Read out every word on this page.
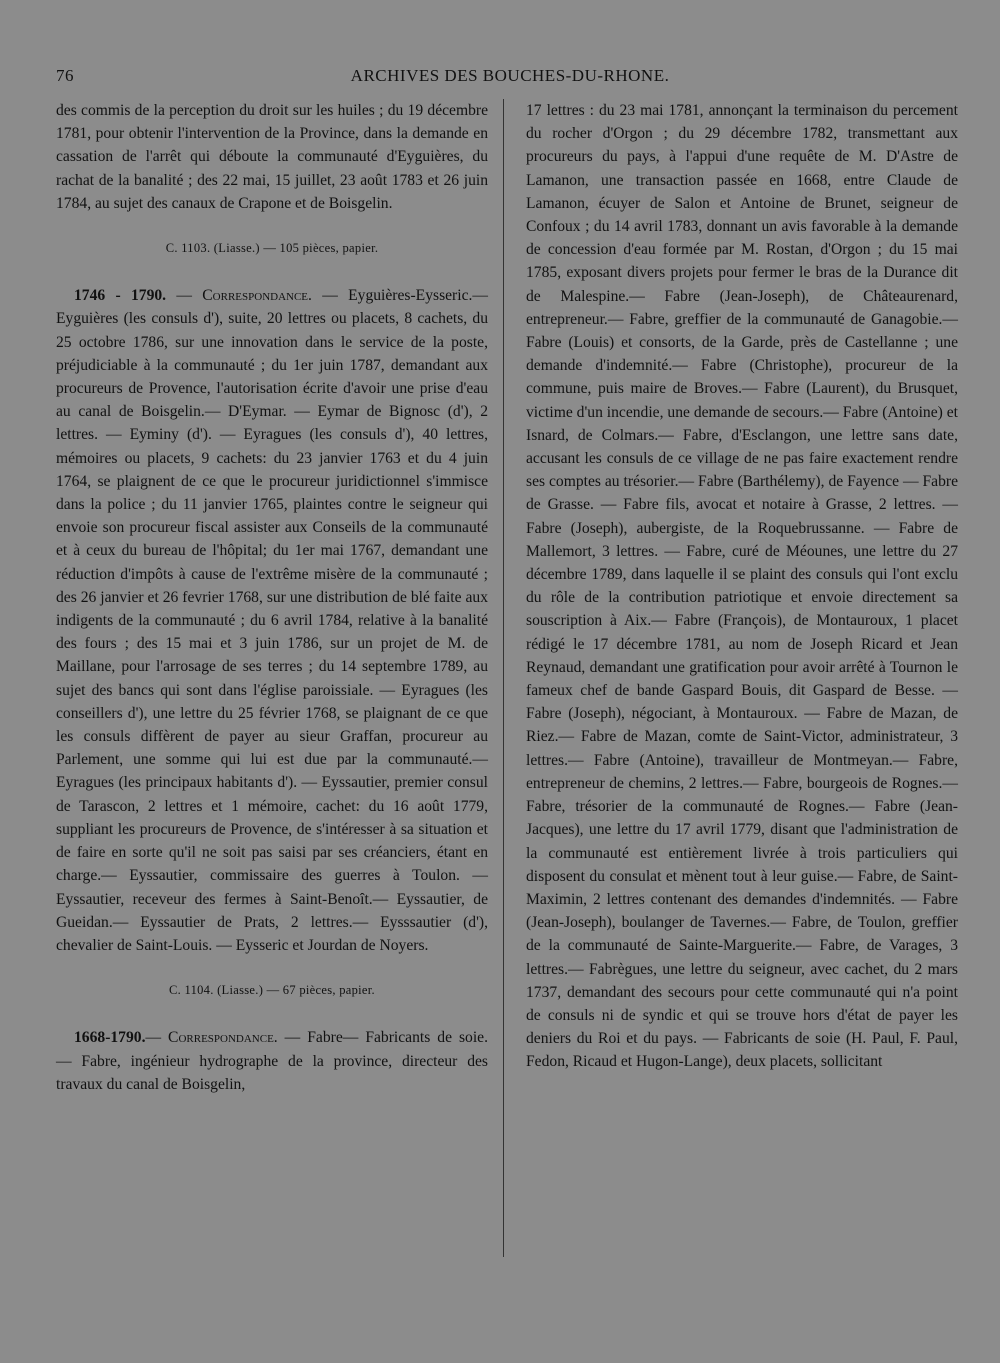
76	ARCHIVES DES BOUCHES-DU-RHONE.

des commis de la perception du droit sur les huiles ; du 19 décembre 1781, pour obtenir l'intervention de la Province, dans la demande en cassation de l'arrêt qui déboute la communauté d'Eyguières, du rachat de la banalité ; des 22 mai, 15 juillet, 23 août 1783 et 26 juin 1784, au sujet des canaux de Crapone et de Boisgelin.

C. 1103. (Liasse.) — 105 pièces, papier.

1746 - 1790. — Correspondance. — Eyguières-Eysseric.— Eyguières (les consuls d'), suite, 20 lettres ou placets, 8 cachets, du 25 octobre 1786, sur une innovation dans le service de la poste, préjudiciable à la communauté ; du 1er juin 1787, demandant aux procureurs de Provence, l'autorisation écrite d'avoir une prise d'eau au canal de Boisgelin.— D'Eymar. — Eymar de Bignosc (d'), 2 lettres. — Eyminy (d'). — Eyragues (les consuls d'), 40 lettres, mémoires ou placets, 9 cachets: du 23 janvier 1763 et du 4 juin 1764, se plaignent de ce que le procureur juridictionnel s'immisce dans la police ; du 11 janvier 1765, plaintes contre le seigneur qui envoie son procureur fiscal assister aux Conseils de la communauté et à ceux du bureau de l'hôpital; du 1er mai 1767, demandant une réduction d'impôts à cause de l'extrême misère de la communauté ; des 26 janvier et 26 fevrier 1768, sur une distribution de blé faite aux indigents de la communauté ; du 6 avril 1784, relative à la banalité des fours ; des 15 mai et 3 juin 1786, sur un projet de M. de Maillane, pour l'arrosage de ses terres ; du 14 septembre 1789, au sujet des bancs qui sont dans l'église paroissiale. — Eyragues (les conseillers d'), une lettre du 25 février 1768, se plaignant de ce que les consuls diffèrent de payer au sieur Graffan, procureur au Parlement, une somme qui lui est due par la communauté.— Eyragues (les principaux habitants d'). — Eyssautier, premier consul de Tarascon, 2 lettres et 1 mémoire, cachet: du 16 août 1779, suppliant les procureurs de Provence, de s'intéresser à sa situation et de faire en sorte qu'il ne soit pas saisi par ses créanciers, étant en charge.— Eyssautier, commissaire des guerres à Toulon. — Eyssautier, receveur des fermes à Saint-Benoît.— Eyssautier, de Gueidan.— Eyssautier de Prats, 2 lettres.— Eysssautier (d'), chevalier de Saint-Louis. — Eysseric et Jourdan de Noyers.

C. 1104. (Liasse.) — 67 pièces, papier.

1668-1790.— Correspondance. — Fabre— Fabricants de soie. — Fabre, ingénieur hydrographe de la province, directeur des travaux du canal de Boisgelin,

17 lettres : du 23 mai 1781, annonçant la terminaison du percement du rocher d'Orgon ; du 29 décembre 1782, transmettant aux procureurs du pays, à l'appui d'une requête de M. D'Astre de Lamanon, une transaction passée en 1668, entre Claude de Lamanon, écuyer de Salon et Antoine de Brunet, seigneur de Confoux ; du 14 avril 1783, donnant un avis favorable à la demande de concession d'eau formée par M. Rostan, d'Orgon ; du 15 mai 1785, exposant divers projets pour fermer le bras de la Durance dit de Malespine.— Fabre (Jean-Joseph), de Châteaurenard, entrepreneur.— Fabre, greffier de la communauté de Ganagobie.— Fabre (Louis) et consorts, de la Garde, près de Castellanne ; une demande d'indemnité.— Fabre (Christophe), procureur de la commune, puis maire de Broves.— Fabre (Laurent), du Brusquet, victime d'un incendie, une demande de secours.— Fabre (Antoine) et Isnard, de Colmars.— Fabre, d'Esclangon, une lettre sans date, accusant les consuls de ce village de ne pas faire exactement rendre ses comptes au trésorier.— Fabre (Barthélemy), de Fayence — Fabre de Grasse. — Fabre fils, avocat et notaire à Grasse, 2 lettres. — Fabre (Joseph), aubergiste, de la Roquebrussanne. — Fabre de Mallemort, 3 lettres. — Fabre, curé de Méounes, une lettre du 27 décembre 1789, dans laquelle il se plaint des consuls qui l'ont exclu du rôle de la contribution patriotique et envoie directement sa souscription à Aix.— Fabre (François), de Montauroux, 1 placet rédigé le 17 décembre 1781, au nom de Joseph Ricard et Jean Reynaud, demandant une gratification pour avoir arrêté à Tournon le fameux chef de bande Gaspard Bouis, dit Gaspard de Besse. — Fabre (Joseph), négociant, à Montauroux. — Fabre de Mazan, de Riez.— Fabre de Mazan, comte de Saint-Victor, administrateur, 3 lettres.— Fabre (Antoine), travailleur de Montmeyan.— Fabre, entrepreneur de chemins, 2 lettres.— Fabre, bourgeois de Rognes.— Fabre, trésorier de la communauté de Rognes.— Fabre (Jean-Jacques), une lettre du 17 avril 1779, disant que l'administration de la communauté est entièrement livrée à trois particuliers qui disposent du consulat et mènent tout à leur guise.— Fabre, de Saint-Maximin, 2 lettres contenant des demandes d'indemnités. — Fabre (Jean-Joseph), boulanger de Tavernes.— Fabre, de Toulon, greffier de la communauté de Sainte-Marguerite.— Fabre, de Varages, 3 lettres.— Fabrègues, une lettre du seigneur, avec cachet, du 2 mars 1737, demandant des secours pour cette communauté qui n'a point de consuls ni de syndic et qui se trouve hors d'état de payer les deniers du Roi et du pays. — Fabricants de soie (H. Paul, F. Paul, Fedon, Ricaud et Hugon-Lange), deux placets, sollicitant
